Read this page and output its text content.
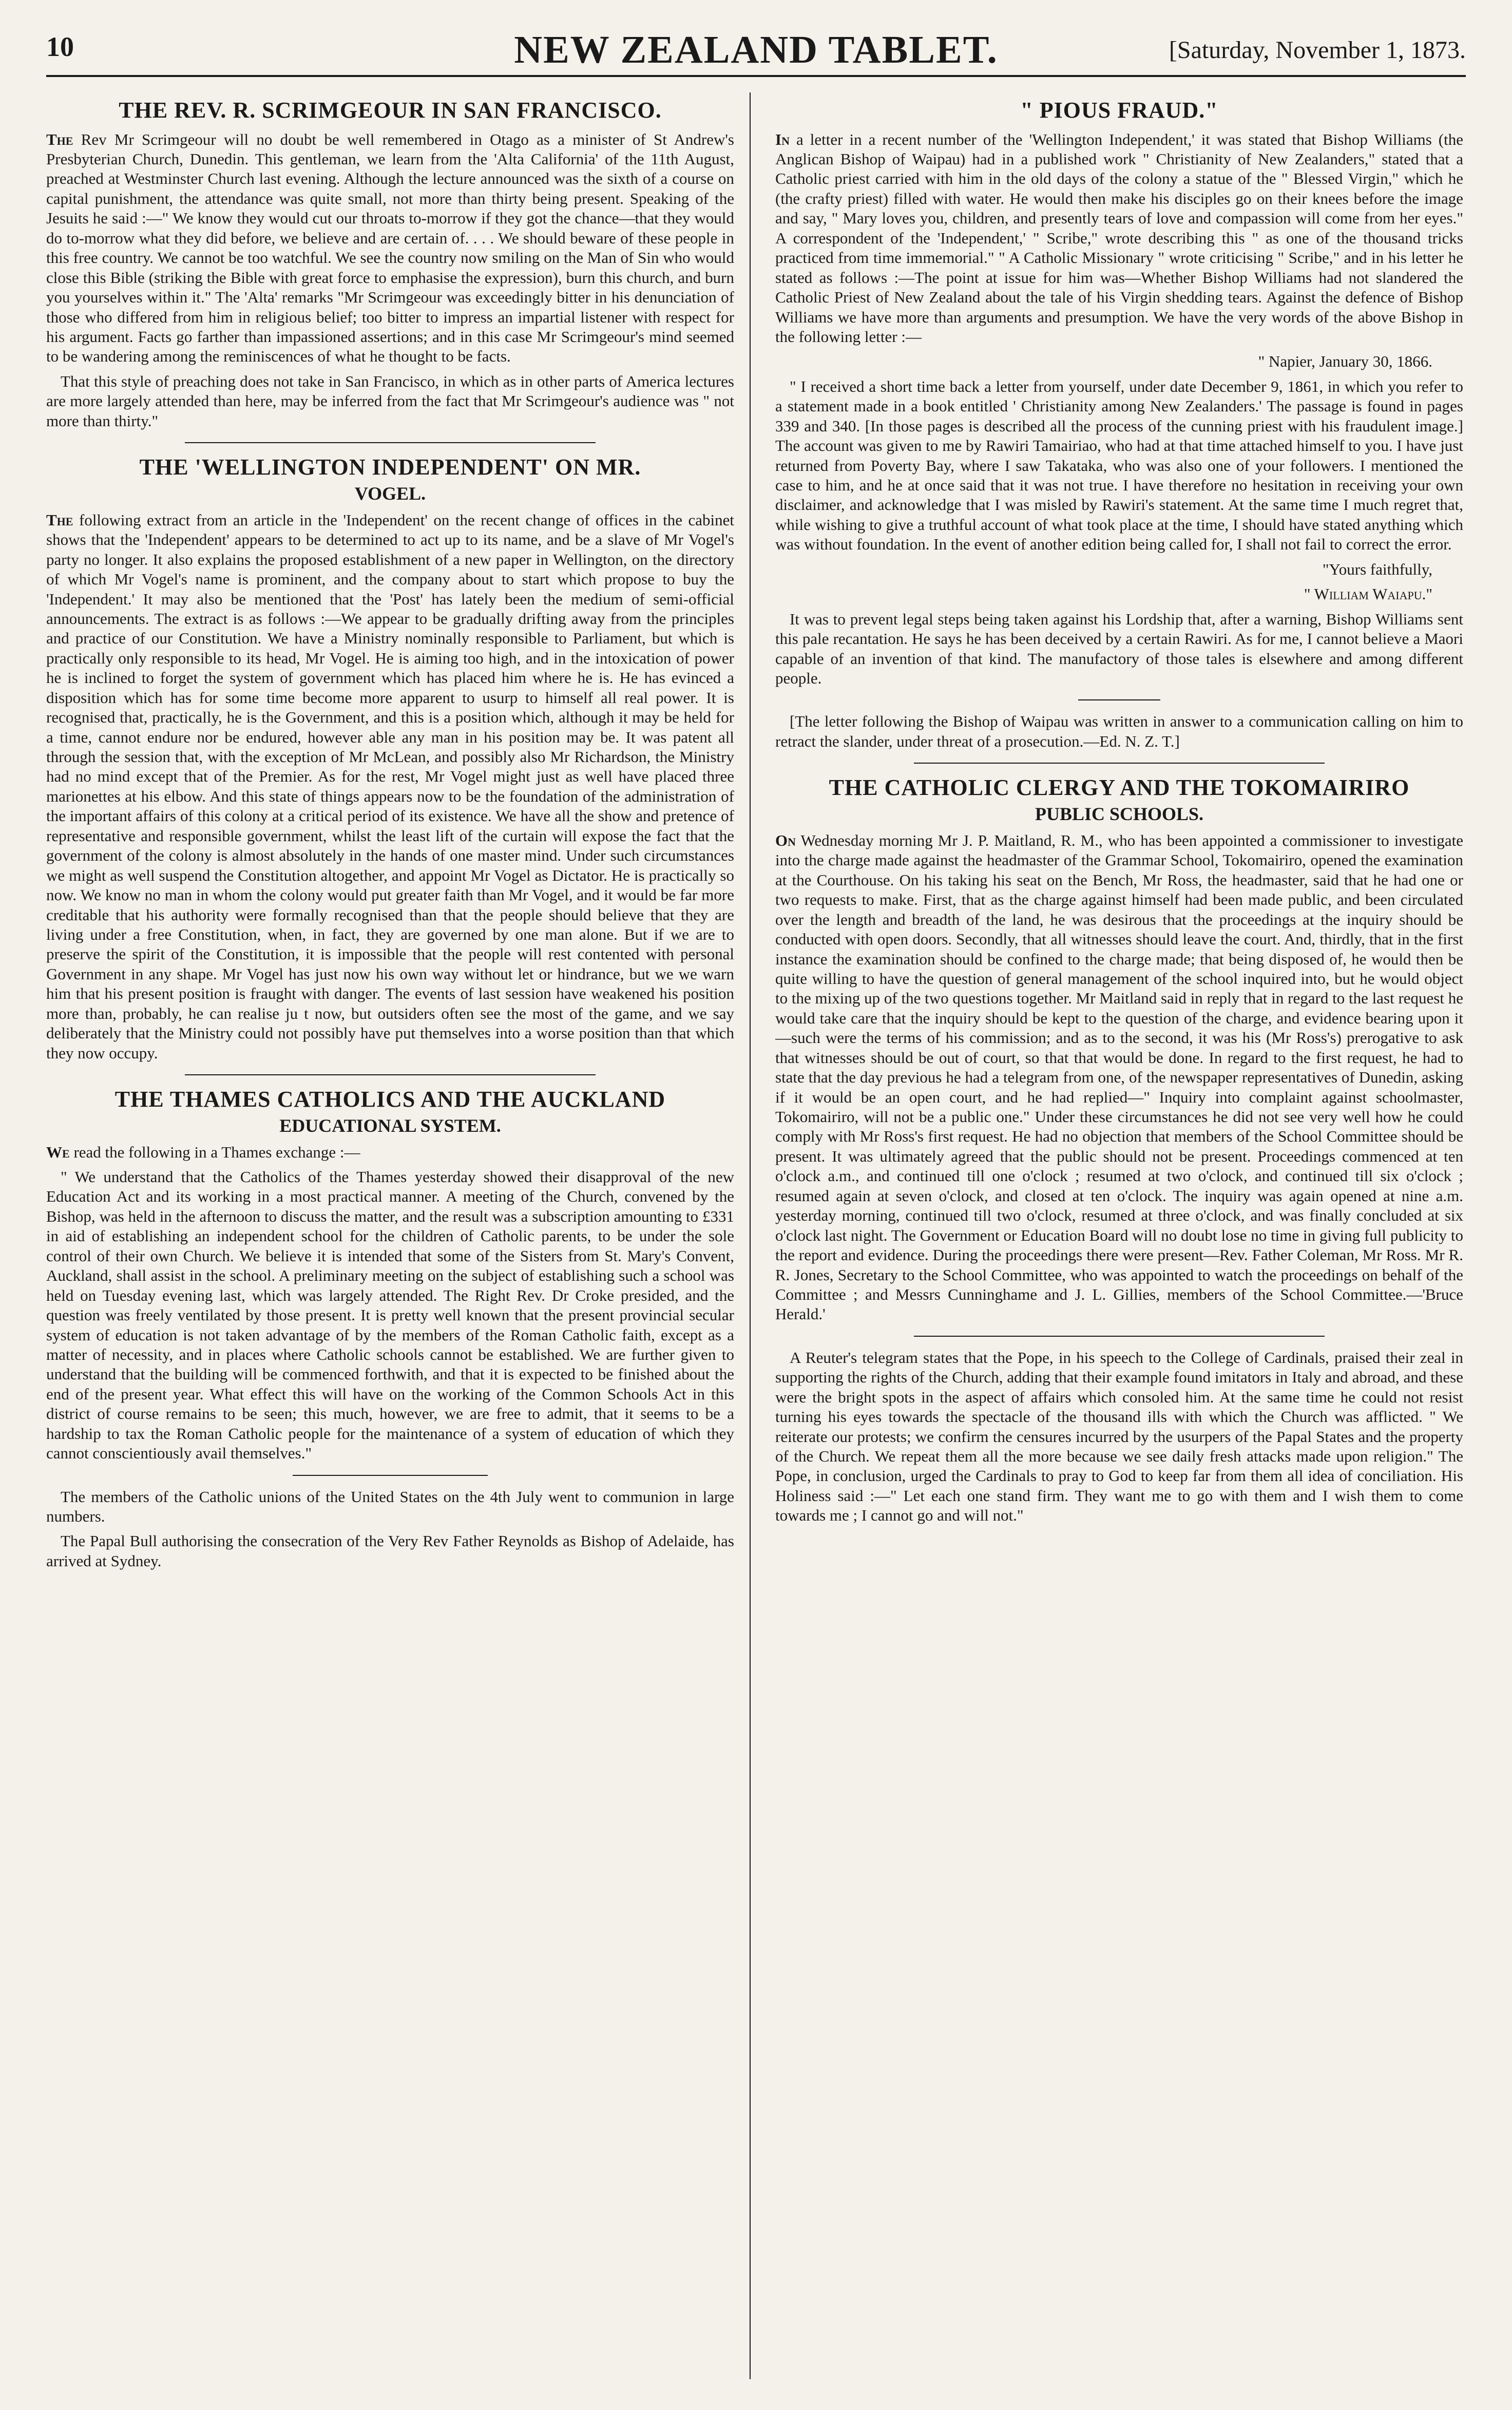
10	NEW ZEALAND TABLET.	[Saturday, November 1, 1873.
THE REV. R. SCRIMGEOUR IN SAN FRANCISCO.

The Rev Mr Scrimgeour will no doubt be well remembered in Otago as a minister of St Andrew's Presbyterian Church, Dunedin. This gentleman, we learn from the 'Alta California' of the 11th August, preached at Westminster Church last evening. Although the lecture announced was the sixth of a course on capital punishment, the attendance was quite small, not more than thirty being present. Speaking of the Jesuits he said :—" We know they would cut our throats to-morrow if they got the chance—that they would do to-morrow what they did before, we believe and are certain of. . . . We should beware of these people in this free country. We cannot be too watchful. We see the country now smiling on the Man of Sin who would close this Bible (striking the Bible with great force to emphasise the expression), burn this church, and burn you yourselves within it." The 'Alta' remarks "Mr Scrimgeour was exceedingly bitter in his denunciation of those who differed from him in religious belief; too bitter to impress an impartial listener with respect for his argument. Facts go farther than impassioned assertions; and in this case Mr Scrimgeour's mind seemed to be wandering among the reminiscences of what he thought to be facts.

That this style of preaching does not take in San Francisco, in which as in other parts of America lectures are more largely attended than here, may be inferred from the fact that Mr Scrimgeour's audience was " not more than thirty."

THE 'WELLINGTON INDEPENDENT' ON MR.
VOGEL.

The following extract from an article in the 'Independent' on the recent change of offices in the cabinet shows that the 'Independent' appears to be determined to act up to its name, and be a slave of Mr Vogel's party no longer. It also explains the proposed establishment of a new paper in Wellington, on the directory of which Mr Vogel's name is prominent, and the company about to start which propose to buy the 'Independent.' It may also be mentioned that the 'Post' has lately been the medium of semi-official announcements. The extract is as follows :—We appear to be gradually drifting away from the principles and practice of our Constitution. We have a Ministry nominally responsible to Parliament, but which is practically only responsible to its head, Mr Vogel. He is aiming too high, and in the intoxication of power he is inclined to forget the system of government which has placed him where he is. He has evinced a disposition which has for some time become more apparent to usurp to himself all real power. It is recognised that, practically, he is the Government, and this is a position which, although it may be held for a time, cannot endure nor be endured, however able any man in his position may be. It was patent all through the session that, with the exception of Mr McLean, and possibly also Mr Richardson, the Ministry had no mind except that of the Premier. As for the rest, Mr Vogel might just as well have placed three marionettes at his elbow. And this state of things appears now to be the foundation of the administration of the important affairs of this colony at a critical period of its existence. We have all the show and pretence of representative and responsible government, whilst the least lift of the curtain will expose the fact that the government of the colony is almost absolutely in the hands of one master mind. Under such circumstances we might as well suspend the Constitution altogether, and appoint Mr Vogel as Dictator. He is practically so now. We know no man in whom the colony would put greater faith than Mr Vogel, and it would be far more creditable that his authority were formally recognised than that the people should believe that they are living under a free Constitution, when, in fact, they are governed by one man alone. But if we are to preserve the spirit of the Constitution, it is impossible that the people will rest contented with personal Government in any shape. Mr Vogel has just now his own way without let or hindrance, but we we warn him that his present position is fraught with danger. The events of last session have weakened his position more than, probably, he can realise ju t now, but outsiders often see the most of the game, and we say deliberately that the Ministry could not possibly have put themselves into a worse position than that which they now occupy.

THE THAMES CATHOLICS AND THE AUCKLAND
EDUCATIONAL SYSTEM.

We read the following in a Thames exchange :—

" We understand that the Catholics of the Thames yesterday showed their disapproval of the new Education Act and its working in a most practical manner. A meeting of the Church, convened by the Bishop, was held in the afternoon to discuss the matter, and the result was a subscription amounting to £331 in aid of establishing an independent school for the children of Catholic parents, to be under the sole control of their own Church. We believe it is intended that some of the Sisters from St. Mary's Convent, Auckland, shall assist in the school. A preliminary meeting on the subject of establishing such a school was held on Tuesday evening last, which was largely attended. The Right Rev. Dr Croke presided, and the question was freely ventilated by those present. It is pretty well known that the present provincial secular system of education is not taken advantage of by the members of the Roman Catholic faith, except as a matter of necessity, and in places where Catholic schools cannot be established. We are further given to understand that the building will be commenced forthwith, and that it is expected to be finished about the end of the present year. What effect this will have on the working of the Common Schools Act in this district of course remains to be seen; this much, however, we are free to admit, that it seems to be a hardship to tax the Roman Catholic people for the maintenance of a system of education of which they cannot conscientiously avail themselves."

The members of the Catholic unions of the United States on the 4th July went to communion in large numbers.

The Papal Bull authorising the consecration of the Very Rev Father Reynolds as Bishop of Adelaide, has arrived at Sydney.

" PIOUS FRAUD."

In a letter in a recent number of the 'Wellington Independent,' it was stated that Bishop Williams (the Anglican Bishop of Waipau) had in a published work " Christianity of New Zealanders," stated that a Catholic priest carried with him in the old days of the colony a statue of the " Blessed Virgin," which he (the crafty priest) filled with water. He would then make his disciples go on their knees before the image and say, " Mary loves you, children, and presently tears of love and compassion will come from her eyes." A correspondent of the 'Independent,' " Scribe," wrote describing this " as one of the thousand tricks practiced from time immemorial." " A Catholic Missionary " wrote criticising " Scribe," and in his letter he stated as follows :—The point at issue for him was—Whether Bishop Williams had not slandered the Catholic Priest of New Zealand about the tale of his Virgin shedding tears. Against the defence of Bishop Williams we have more than arguments and presumption. We have the very words of the above Bishop in the following letter :—

" Napier, January 30, 1866.

" I received a short time back a letter from yourself, under date December 9, 1861, in which you refer to a statement made in a book entitled ' Christianity among New Zealanders.' The passage is found in pages 339 and 340. [In those pages is described all the process of the cunning priest with his fraudulent image.] The account was given to me by Rawiri Tamairiao, who had at that time attached himself to you. I have just returned from Poverty Bay, where I saw Takataka, who was also one of your followers. I mentioned the case to him, and he at once said that it was not true. I have therefore no hesitation in receiving your own disclaimer, and acknowledge that I was misled by Rawiri's statement. At the same time I much regret that, while wishing to give a truthful account of what took place at the time, I should have stated anything which was without foundation. In the event of another edition being called for, I shall not fail to correct the error.

"Yours faithfully,

" William Waiapu."

It was to prevent legal steps being taken against his Lordship that, after a warning, Bishop Williams sent this pale recantation. He says he has been deceived by a certain Rawiri. As for me, I cannot believe a Maori capable of an invention of that kind. The manufactory of those tales is elsewhere and among different people.

[The letter following the Bishop of Waipau was written in answer to a communication calling on him to retract the slander, under threat of a prosecution.—Ed. N. Z. T.]

THE CATHOLIC CLERGY AND THE TOKOMAIRIRO
PUBLIC SCHOOLS.

On Wednesday morning Mr J. P. Maitland, R. M., who has been appointed a commissioner to investigate into the charge made against the headmaster of the Grammar School, Tokomairiro, opened the examination at the Courthouse. On his taking his seat on the Bench, Mr Ross, the headmaster, said that he had one or two requests to make. First, that as the charge against himself had been made public, and been circulated over the length and breadth of the land, he was desirous that the proceedings at the inquiry should be conducted with open doors. Secondly, that all witnesses should leave the court. And, thirdly, that in the first instance the examination should be confined to the charge made; that being disposed of, he would then be quite willing to have the question of general management of the school inquired into, but he would object to the mixing up of the two questions together. Mr Maitland said in reply that in regard to the last request he would take care that the inquiry should be kept to the question of the charge, and evidence bearing upon it—such were the terms of his commission; and as to the second, it was his (Mr Ross's) prerogative to ask that witnesses should be out of court, so that that would be done. In regard to the first request, he had to state that the day previous he had a telegram from one, of the newspaper representatives of Dunedin, asking if it would be an open court, and he had replied—" Inquiry into complaint against schoolmaster, Tokomairiro, will not be a public one." Under these circumstances he did not see very well how he could comply with Mr Ross's first request. He had no objection that members of the School Committee should be present. It was ultimately agreed that the public should not be present. Proceedings commenced at ten o'clock a.m., and continued till one o'clock ; resumed at two o'clock, and continued till six o'clock ; resumed again at seven o'clock, and closed at ten o'clock. The inquiry was again opened at nine a.m. yesterday morning, continued till two o'clock, resumed at three o'clock, and was finally concluded at six o'clock last night. The Government or Education Board will no doubt lose no time in giving full publicity to the report and evidence. During the proceedings there were present—Rev. Father Coleman, Mr Ross. Mr R. R. Jones, Secretary to the School Committee, who was appointed to watch the proceedings on behalf of the Committee ; and Messrs Cunninghame and J. L. Gillies, members of the School Committee.—'Bruce Herald.'

A Reuter's telegram states that the Pope, in his speech to the College of Cardinals, praised their zeal in supporting the rights of the Church, adding that their example found imitators in Italy and abroad, and these were the bright spots in the aspect of affairs which consoled him. At the same time he could not resist turning his eyes towards the spectacle of the thousand ills with which the Church was afflicted. " We reiterate our protests; we confirm the censures incurred by the usurpers of the Papal States and the property of the Church. We repeat them all the more because we see daily fresh attacks made upon religion." The Pope, in conclusion, urged the Cardinals to pray to God to keep far from them all idea of conciliation. His Holiness said :—" Let each one stand firm. They want me to go with them and I wish them to come towards me ; I cannot go and will not."
